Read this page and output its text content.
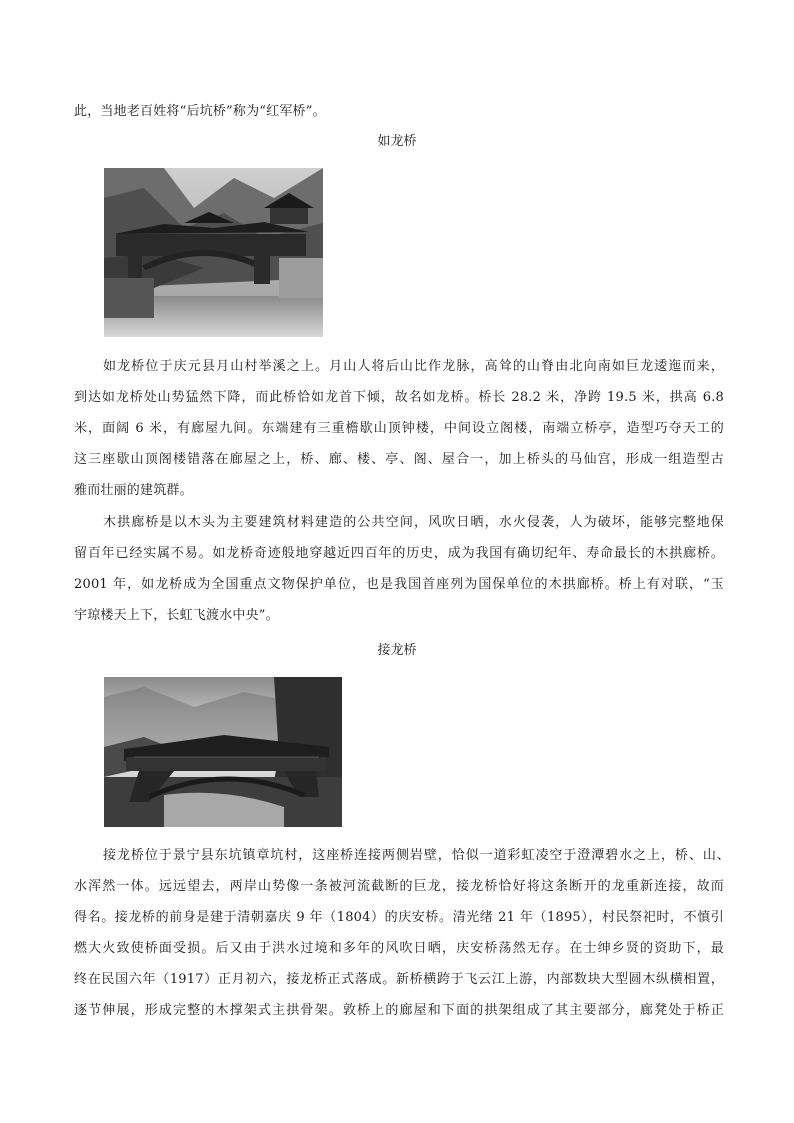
此，当地老百姓将“后坑桥”称为“红军桥”。
如龙桥
如龙桥位于庆元县月山村举溪之上。月山人将后山比作龙脉，高耸的山脊由北向南如巨龙逶迤而来，
到达如龙桥处山势猛然下降，而此桥恰如龙首下倾，故名如龙桥。桥长 28.2 米，净跨 19.5 米，拱高 6.8
米，面阔 6 米，有廊屋九间。东端建有三重檐歇山顶钟楼，中间设立阁楼，南端立桥亭，造型巧夺天工的
这三座歇山顶阁楼错落在廊屋之上，桥、廊、楼、亭、阁、屋合一，加上桥头的马仙宫，形成一组造型古
雅而壮丽的建筑群。
木拱廊桥是以木头为主要建筑材料建造的公共空间，风吹日晒，水火侵袭，人为破坏，能够完整地保
留百年已经实属不易。如龙桥奇迹般地穿越近四百年的历史，成为我国有确切纪年、寿命最长的木拱廊桥。
2001 年，如龙桥成为全国重点文物保护单位，也是我国首座列为国保单位的木拱廊桥。桥上有对联，“玉
宇琼楼天上下，长虹飞渡水中央”。
接龙桥
接龙桥位于景宁县东坑镇章坑村，这座桥连接两侧岩壁，恰似一道彩虹凌空于澄潭碧水之上，桥、山、
水浑然一体。远远望去，两岸山势像一条被河流截断的巨龙，接龙桥恰好将这条断开的龙重新连接，故而
得名。接龙桥的前身是建于清朝嘉庆 9 年（1804）的庆安桥。清光绪 21 年（1895），村民祭祀时，不慎引
燃大火致使桥面受损。后又由于洪水过境和多年的风吹日晒，庆安桥荡然无存。在士绅乡贤的资助下，最
终在民国六年（1917）正月初六，接龙桥正式落成。新桥横跨于飞云江上游，内部数块大型圆木纵横相置，
逐节伸展，形成完整的木撑架式主拱骨架。敦桥上的廊屋和下面的拱架组成了其主要部分，廊凳处于桥正
